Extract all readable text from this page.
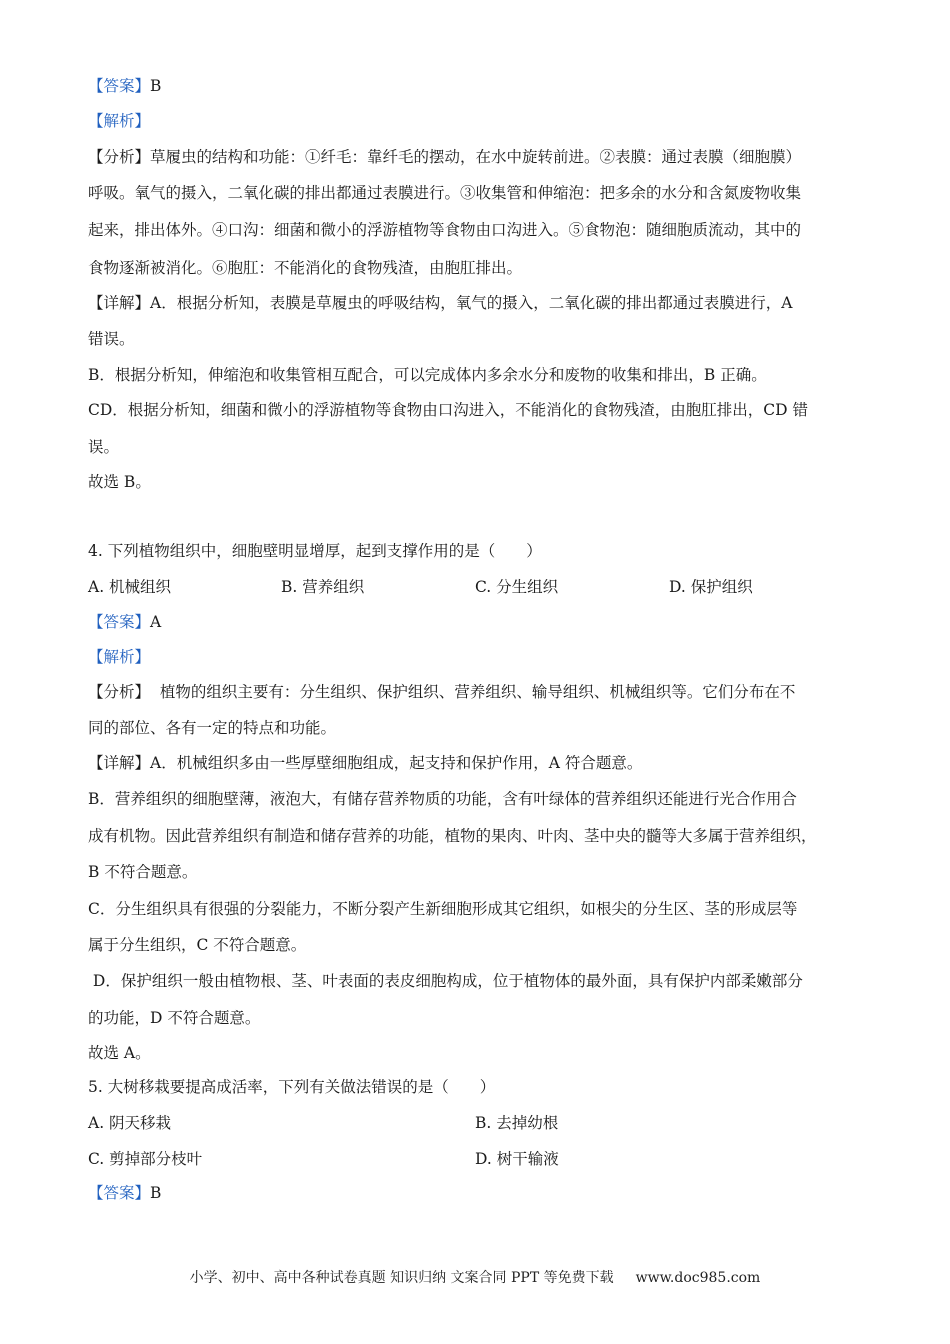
【答案】B
【解析】
【分析】草履虫的结构和功能：①纤毛：靠纤毛的摆动，在水中旋转前进。②表膜：通过表膜（细胞膜）
呼吸。氧气的摄入，二氧化碳的排出都通过表膜进行。③收集管和伸缩泡：把多余的水分和含氮废物收集
起来，排出体外。④口沟：细菌和微小的浮游植物等食物由口沟进入。⑤食物泡：随细胞质流动，其中的
食物逐渐被消化。⑥胞肛：不能消化的食物残渣，由胞肛排出。
【详解】A．根据分析知，表膜是草履虫的呼吸结构，氧气的摄入，二氧化碳的排出都通过表膜进行，A
错误。
B．根据分析知，伸缩泡和收集管相互配合，可以完成体内多余水分和废物的收集和排出，B 正确。
CD．根据分析知，细菌和微小的浮游植物等食物由口沟进入，不能消化的食物残渣，由胞肛排出，CD 错
误。
故选 B。
4. 下列植物组织中，细胞壁明显增厚，起到支撑作用的是（　　）
A. 机械组织	B. 营养组织	C. 分生组织	D. 保护组织
【答案】A
【解析】
【分析】  植物的组织主要有：分生组织、保护组织、营养组织、输导组织、机械组织等。它们分布在不
同的部位、各有一定的特点和功能。
【详解】A．机械组织多由一些厚壁细胞组成，起支持和保护作用，A 符合题意。
B．营养组织的细胞壁薄，液泡大，有储存营养物质的功能，含有叶绿体的营养组织还能进行光合作用合
成有机物。因此营养组织有制造和储存营养的功能，植物的果肉、叶肉、茎中央的髓等大多属于营养组织，
B 不符合题意。
C．分生组织具有很强的分裂能力，不断分裂产生新细胞形成其它组织，如根尖的分生区、茎的形成层等
属于分生组织，C 不符合题意。
D．保护组织一般由植物根、茎、叶表面的表皮细胞构成，位于植物体的最外面，具有保护内部柔嫩部分
的功能，D 不符合题意。
故选 A。
5. 大树移栽要提高成活率，下列有关做法错误的是（　　）
A. 阴天移栽	B. 去掉幼根
C. 剪掉部分枝叶	D. 树干输液
【答案】B
小学、初中、高中各种试卷真题 知识归纳 文案合同 PPT 等免费下载 www.doc985.com
